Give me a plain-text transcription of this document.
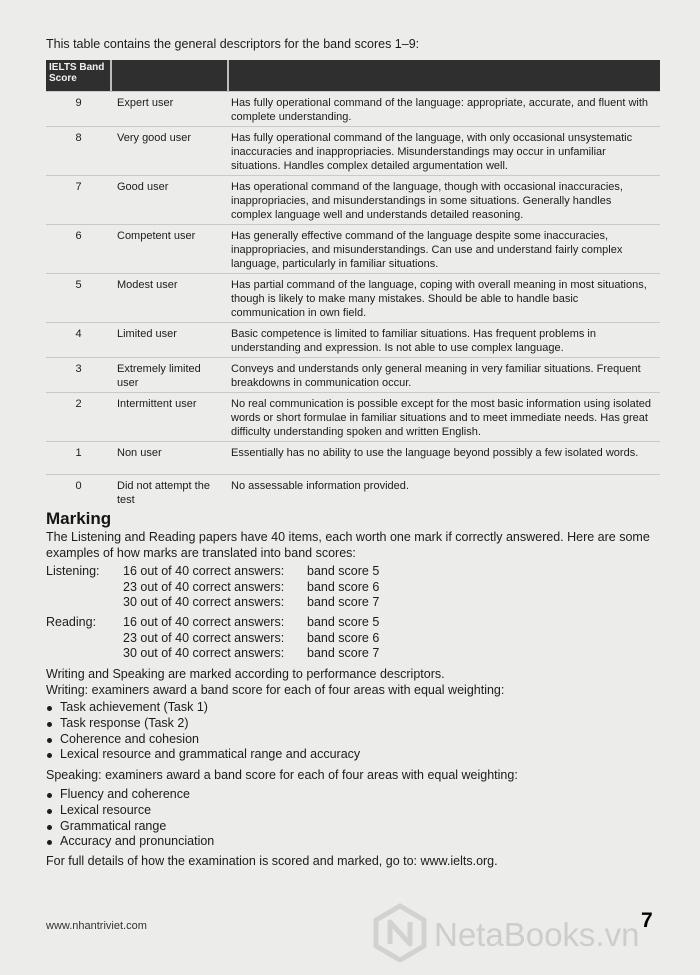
This table contains the general descriptors for the band scores 1–9:
IELTS Band Score		
9	Expert user	Has fully operational command of the language: appropriate, accurate, and fluent with complete understanding.
8	Very good user	Has fully operational command of the language, with only occasional unsystematic inaccuracies and inappropriacies. Misunderstandings may occur in unfamiliar situations. Handles complex detailed argumentation well.
7	Good user	Has operational command of the language, though with occasional inaccuracies, inappropriacies, and misunderstandings in some situations. Generally handles complex language well and understands detailed reasoning.
6	Competent user	Has generally effective command of the language despite some inaccuracies, inappropriacies, and misunderstandings. Can use and understand fairly complex language, particularly in familiar situations.
5	Modest user	Has partial command of the language, coping with overall meaning in most situations, though is likely to make many mistakes. Should be able to handle basic communication in own field.
4	Limited user	Basic competence is limited to familiar situations. Has frequent problems in understanding and expression. Is not able to use complex language.
3	Extremely limited user	Conveys and understands only general meaning in very familiar situations. Frequent breakdowns in communication occur.
2	Intermittent user	No real communication is possible except for the most basic information using isolated words or short formulae in familiar situations and to meet immediate needs. Has great difficulty understanding spoken and written English.
1	Non user	Essentially has no ability to use the language beyond possibly a few isolated words.
0	Did not attempt the test	No assessable information provided.
Marking
The Listening and Reading papers have 40 items, each worth one mark if correctly answered. Here are some examples of how marks are translated into band scores:
Listening: 16 out of 40 correct answers: band score 5
23 out of 40 correct answers: band score 6
30 out of 40 correct answers: band score 7
Reading: 16 out of 40 correct answers: band score 5
23 out of 40 correct answers: band score 6
30 out of 40 correct answers: band score 7
Writing and Speaking are marked according to performance descriptors.
Writing: examiners award a band score for each of four areas with equal weighting:
Task achievement (Task 1)
Task response (Task 2)
Coherence and cohesion
Lexical resource and grammatical range and accuracy
Speaking: examiners award a band score for each of four areas with equal weighting:
Fluency and coherence
Lexical resource
Grammatical range
Accuracy and pronunciation
For full details of how the examination is scored and marked, go to: www.ielts.org.
www.nhantriviet.com	NetaBooks.vn 7
